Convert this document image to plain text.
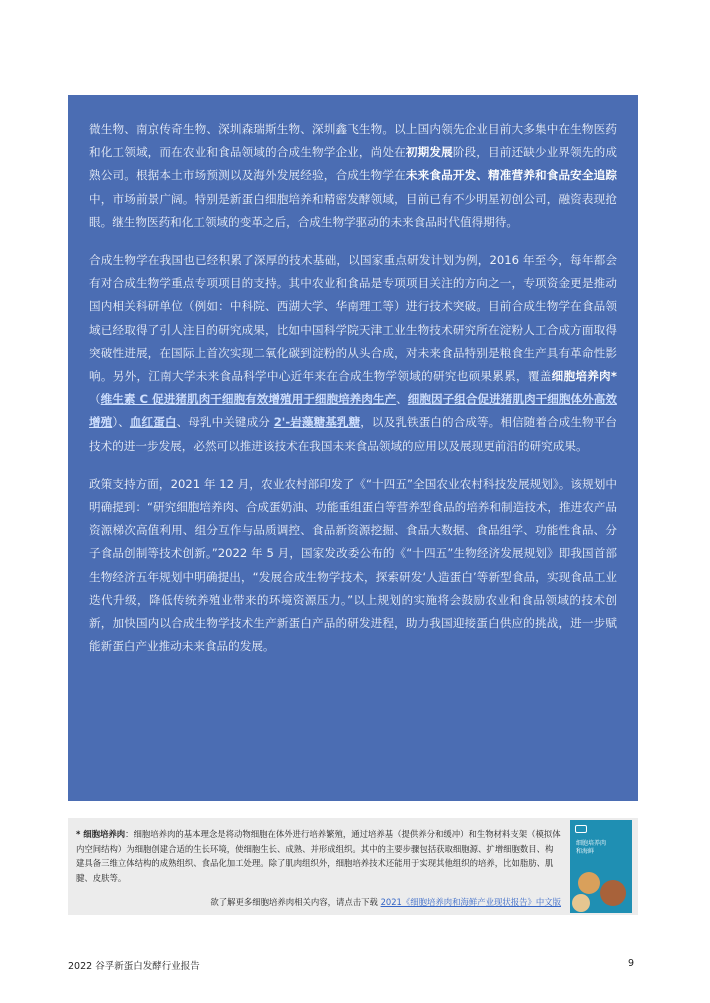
微生物、南京传奇生物、深圳森瑞斯生物、深圳鑫飞生物。以上国内领先企业目前大多集中在生物医药和化工领域，而在农业和食品领域的合成生物学企业，尚处在初期发展阶段，目前还缺少业界领先的成熟公司。根据本土市场预测以及海外发展经验，合成生物学在未来食品开发、精准营养和食品安全追踪中，市场前景广阔。特别是新蛋白细胞培养和精密发酵领域，目前已有不少明星初创公司，融资表现抢眼。继生物医药和化工领域的变革之后，合成生物学驱动的未来食品时代值得期待。

合成生物学在我国也已经积累了深厚的技术基础，以国家重点研发计划为例，2016 年至今，每年都会有对合成生物学重点专项项目的支持。其中农业和食品是专项项目关注的方向之一，专项资金更是推动国内相关科研单位（例如：中科院、西湖大学、华南理工等）进行技术突破。目前合成生物学在食品领域已经取得了引人注目的研究成果，比如中国科学院天津工业生物技术研究所在淀粉人工合成方面取得突破性进展，在国际上首次实现二氧化碳到淀粉的从头合成，对未来食品特别是粮食生产具有革命性影响。另外，江南大学未来食品科学中心近年来在合成生物学领域的研究也硕果累累，覆盖细胞培养肉*（维生素 C 促进猪肌肉干细胞有效增殖用于细胞培养肉生产、细胞因子组合促进猪肌肉干细胞体外高效增殖）、血红蛋白、母乳中关键成分 2'-岩藻糖基乳糖，以及乳铁蛋白的合成等。相信随着合成生物平台技术的进一步发展，必然可以推进该技术在我国未来食品领域的应用以及展现更前沿的研究成果。

政策支持方面，2021 年 12 月，农业农村部印发了《“十四五”全国农业农村科技发展规划》。该规划中明确提到：“研究细胞培养肉、合成蛋奶油、功能重组蛋白等营养型食品的培养和制造技术，推进农产品资源梯次高值利用、组分互作与品质调控、食品新资源挖掘、食品大数据、食品组学、功能性食品、分子食品创制等技术创新。”2022 年 5 月，国家发改委公布的《“十四五”生物经济发展规划》即我国首部生物经济五年规划中明确提出，“发展合成生物学技术，探索研发‘人造蛋白’等新型食品，实现食品工业迭代升级，降低传统养殖业带来的环境资源压力。”以上规划的实施将会鼓励农业和食品领域的技术创新，加快国内以合成生物学技术生产新蛋白产品的研发进程，助力我国迎接蛋白供应的挑战，进一步赋能新蛋白产业推动未来食品的发展。

* 细胞培养肉：细胞培养肉的基本理念是将动物细胞在体外进行培养繁殖，通过培养基（提供养分和缓冲）和生物材料支架（模拟体内空间结构）为细胞创建合适的生长环境，使细胞生长、成熟、并形成组织。其中的主要步骤包括获取细胞源、扩增细胞数目、构建具备三维立体结构的成熟组织、食品化加工处理。除了肌肉组织外，细胞培养技术还能用于实现其他组织的培养，比如脂肪、肌腱、皮肤等。
欲了解更多细胞培养肉相关内容，请点击下载 2021《细胞培养肉和海鲜产业现状报告》中文版
细胞培养肉
和海鲜
2022 谷孚新蛋白发酵行业报告	9
